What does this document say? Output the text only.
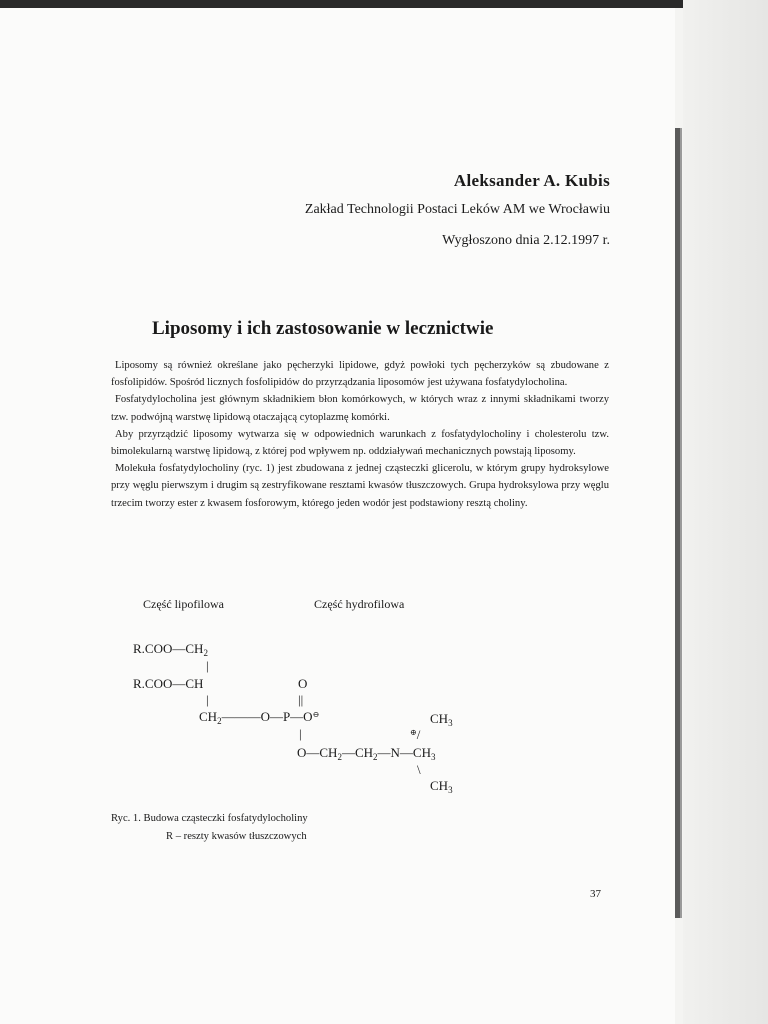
Aleksander A. Kubis
Zakład Technologii Postaci Leków AM we Wrocławiu
Wygłoszono dnia 2.12.1997 r.
Liposomy i ich zastosowanie w lecznictwie

Liposomy są również określane jako pęcherzyki lipidowe, gdyż powłoki tych pęcherzyków są zbudowane z fosfolipidów. Spośród licznych fosfolipidów do przyrządzania liposomów jest używana fosfatydylocholina.

Fosfatydylocholina jest głównym składnikiem błon komórkowych, w których wraz z innymi składnikami tworzy tzw. podwójną warstwę lipidową otaczającą cytoplazmę komórki.

Aby przyrządzić liposomy wytwarza się w odpowiednich warunkach z fosfatydylocholiny i cholesterolu tzw. bimolekularną warstwę lipidową, z której pod wpływem np. oddziaływań mechanicznych powstają liposomy.

Molekuła fosfatydylocholiny (ryc. 1) jest zbudowana z jednej cząsteczki glicerolu, w którym grupy hydroksylowe przy węglu pierwszym i drugim są zestryfikowane resztami kwasów tłuszczowych. Grupa hydroksylowa przy węglu trzecim tworzy ester z kwasem fosforowym, którego jeden wodór jest podstawiony resztą choliny.

Część lipofilowa	Część hydrofilowa
$R.COO—CH_2$
|
R.COO—CH
|
$CH_2———O—P—O^⊖$
O
||
|
$O—CH_2—CH_2—N—CH_3$
$CH_3$
⊕/
\
$CH_3$
Ryc. 1. Budowa cząsteczki fosfatydylocholiny
R – reszty kwasów tłuszczowych
37
